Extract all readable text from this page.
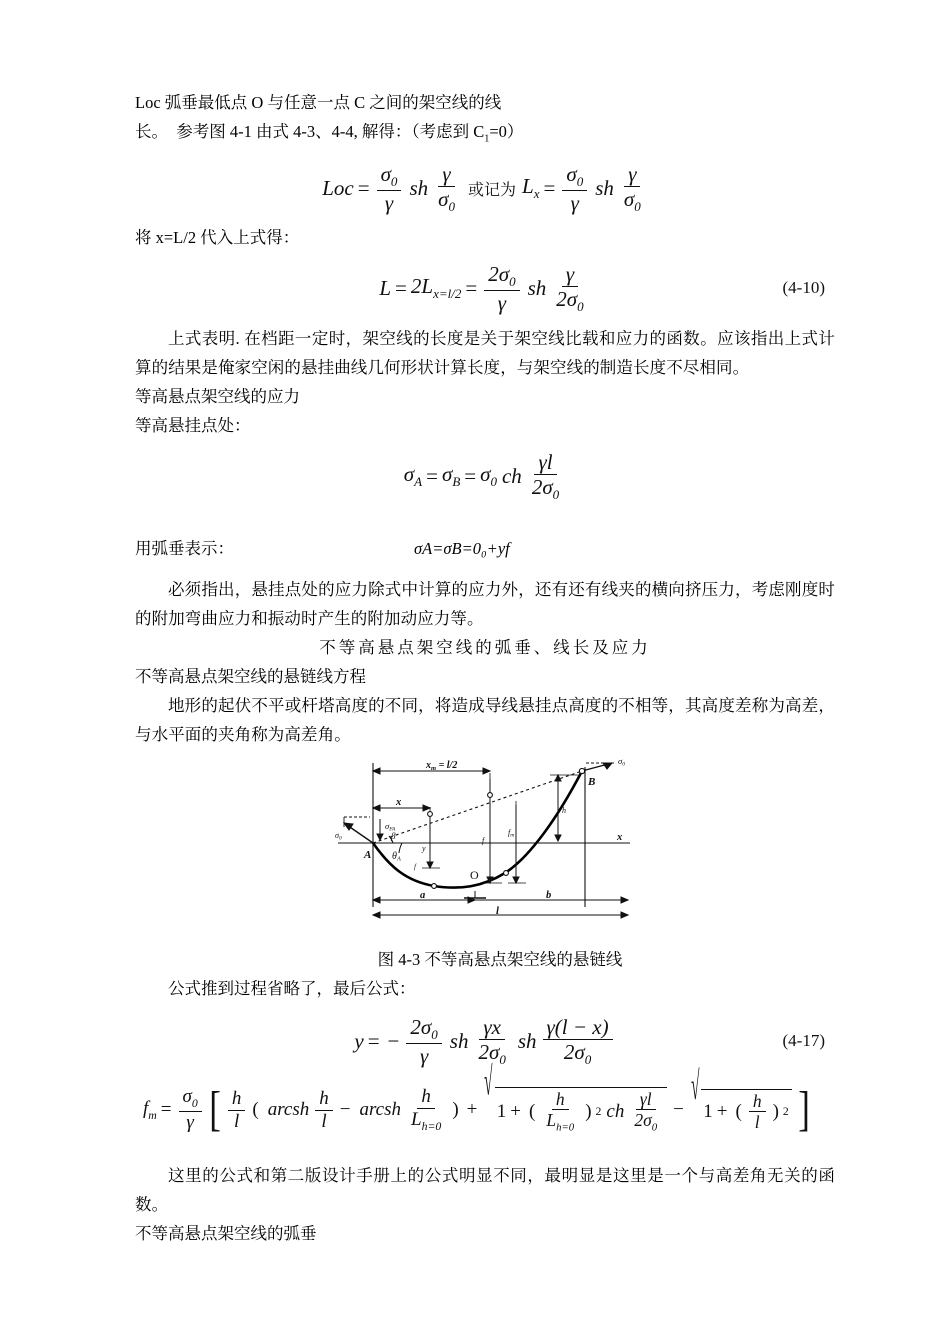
Loc 弧垂最低点 O 与任意一点 C 之间的架空线的线

长。  参考图 4-1 由式 4-3、4-4, 解得：（考虑到 $C_1=0$）

Loc = $\frac{\sigma_0}{\gamma}$ sh $\frac{\gamma}{\sigma_0}$ 或记为 $L_x = \frac{\sigma_0}{\gamma}$ sh $\frac{\gamma}{\sigma_0}$

将 x=L/2 代入上式得：

$L = 2L_{x=l/2} = \frac{2\sigma_0}{\gamma}$ sh $\frac{\gamma}{2\sigma_0}$	(4-10)

上式表明. 在档距一定时，架空线的长度是关于架空线比载和应力的函数。应该指出上式计算的结果是俺家空闲的悬挂曲线几何形状计算长度，与架空线的制造长度不尽相同。

等高悬点架空线的应力

等高悬挂点处：

$\sigma_A = \sigma_B = \sigma_0$ ch $\frac{\gamma l}{2\sigma_0}$

用弧垂表示：	σA=σB=0₀+yf

必须指出，悬挂点处的应力除式中计算的应力外，还有还有线夹的横向挤压力，考虑刚度时的附加弯曲应力和振动时产生的附加动应力等。

不等高悬点架空线的弧垂、线长及应力

不等高悬点架空线的悬链线方程

地形的起伏不平或杆塔高度的不同，将造成导线悬挂点高度的不相等，其高度差称为高差，与水平面的夹角称为高差角。

$x_m = l/2$
x
σFA
σ0
σ0
A
B
O
θA
β	x
y
f
f
fm
h
a	b
l

图 4-3 不等高悬点架空线的悬链线

公式推到过程省略了，最后公式：

y = − $\frac{2\sigma_0}{\gamma}$ sh $\frac{\gamma x}{2\sigma_0}$ sh $\frac{\gamma(l - x)}{2\sigma_0}$	(4-17)
$f_m = \frac{\sigma_0}{\gamma}$ [ $\frac{h}{l}$ ( arcsh $\frac{h}{l}$ − arcsh $\frac{h}{L_{h=0}}$ ) +
√
1 + ( $\frac{h}{L_{h=0}}$ ) 2 ch $\frac{\gamma l}{2\sigma_0}$ −
√
1 + ( $\frac{h}{l}$ ) 2 ]

这里的公式和第二版设计手册上的公式明显不同，最明显是这里是一个与高差角无关的函数。

不等高悬点架空线的弧垂
